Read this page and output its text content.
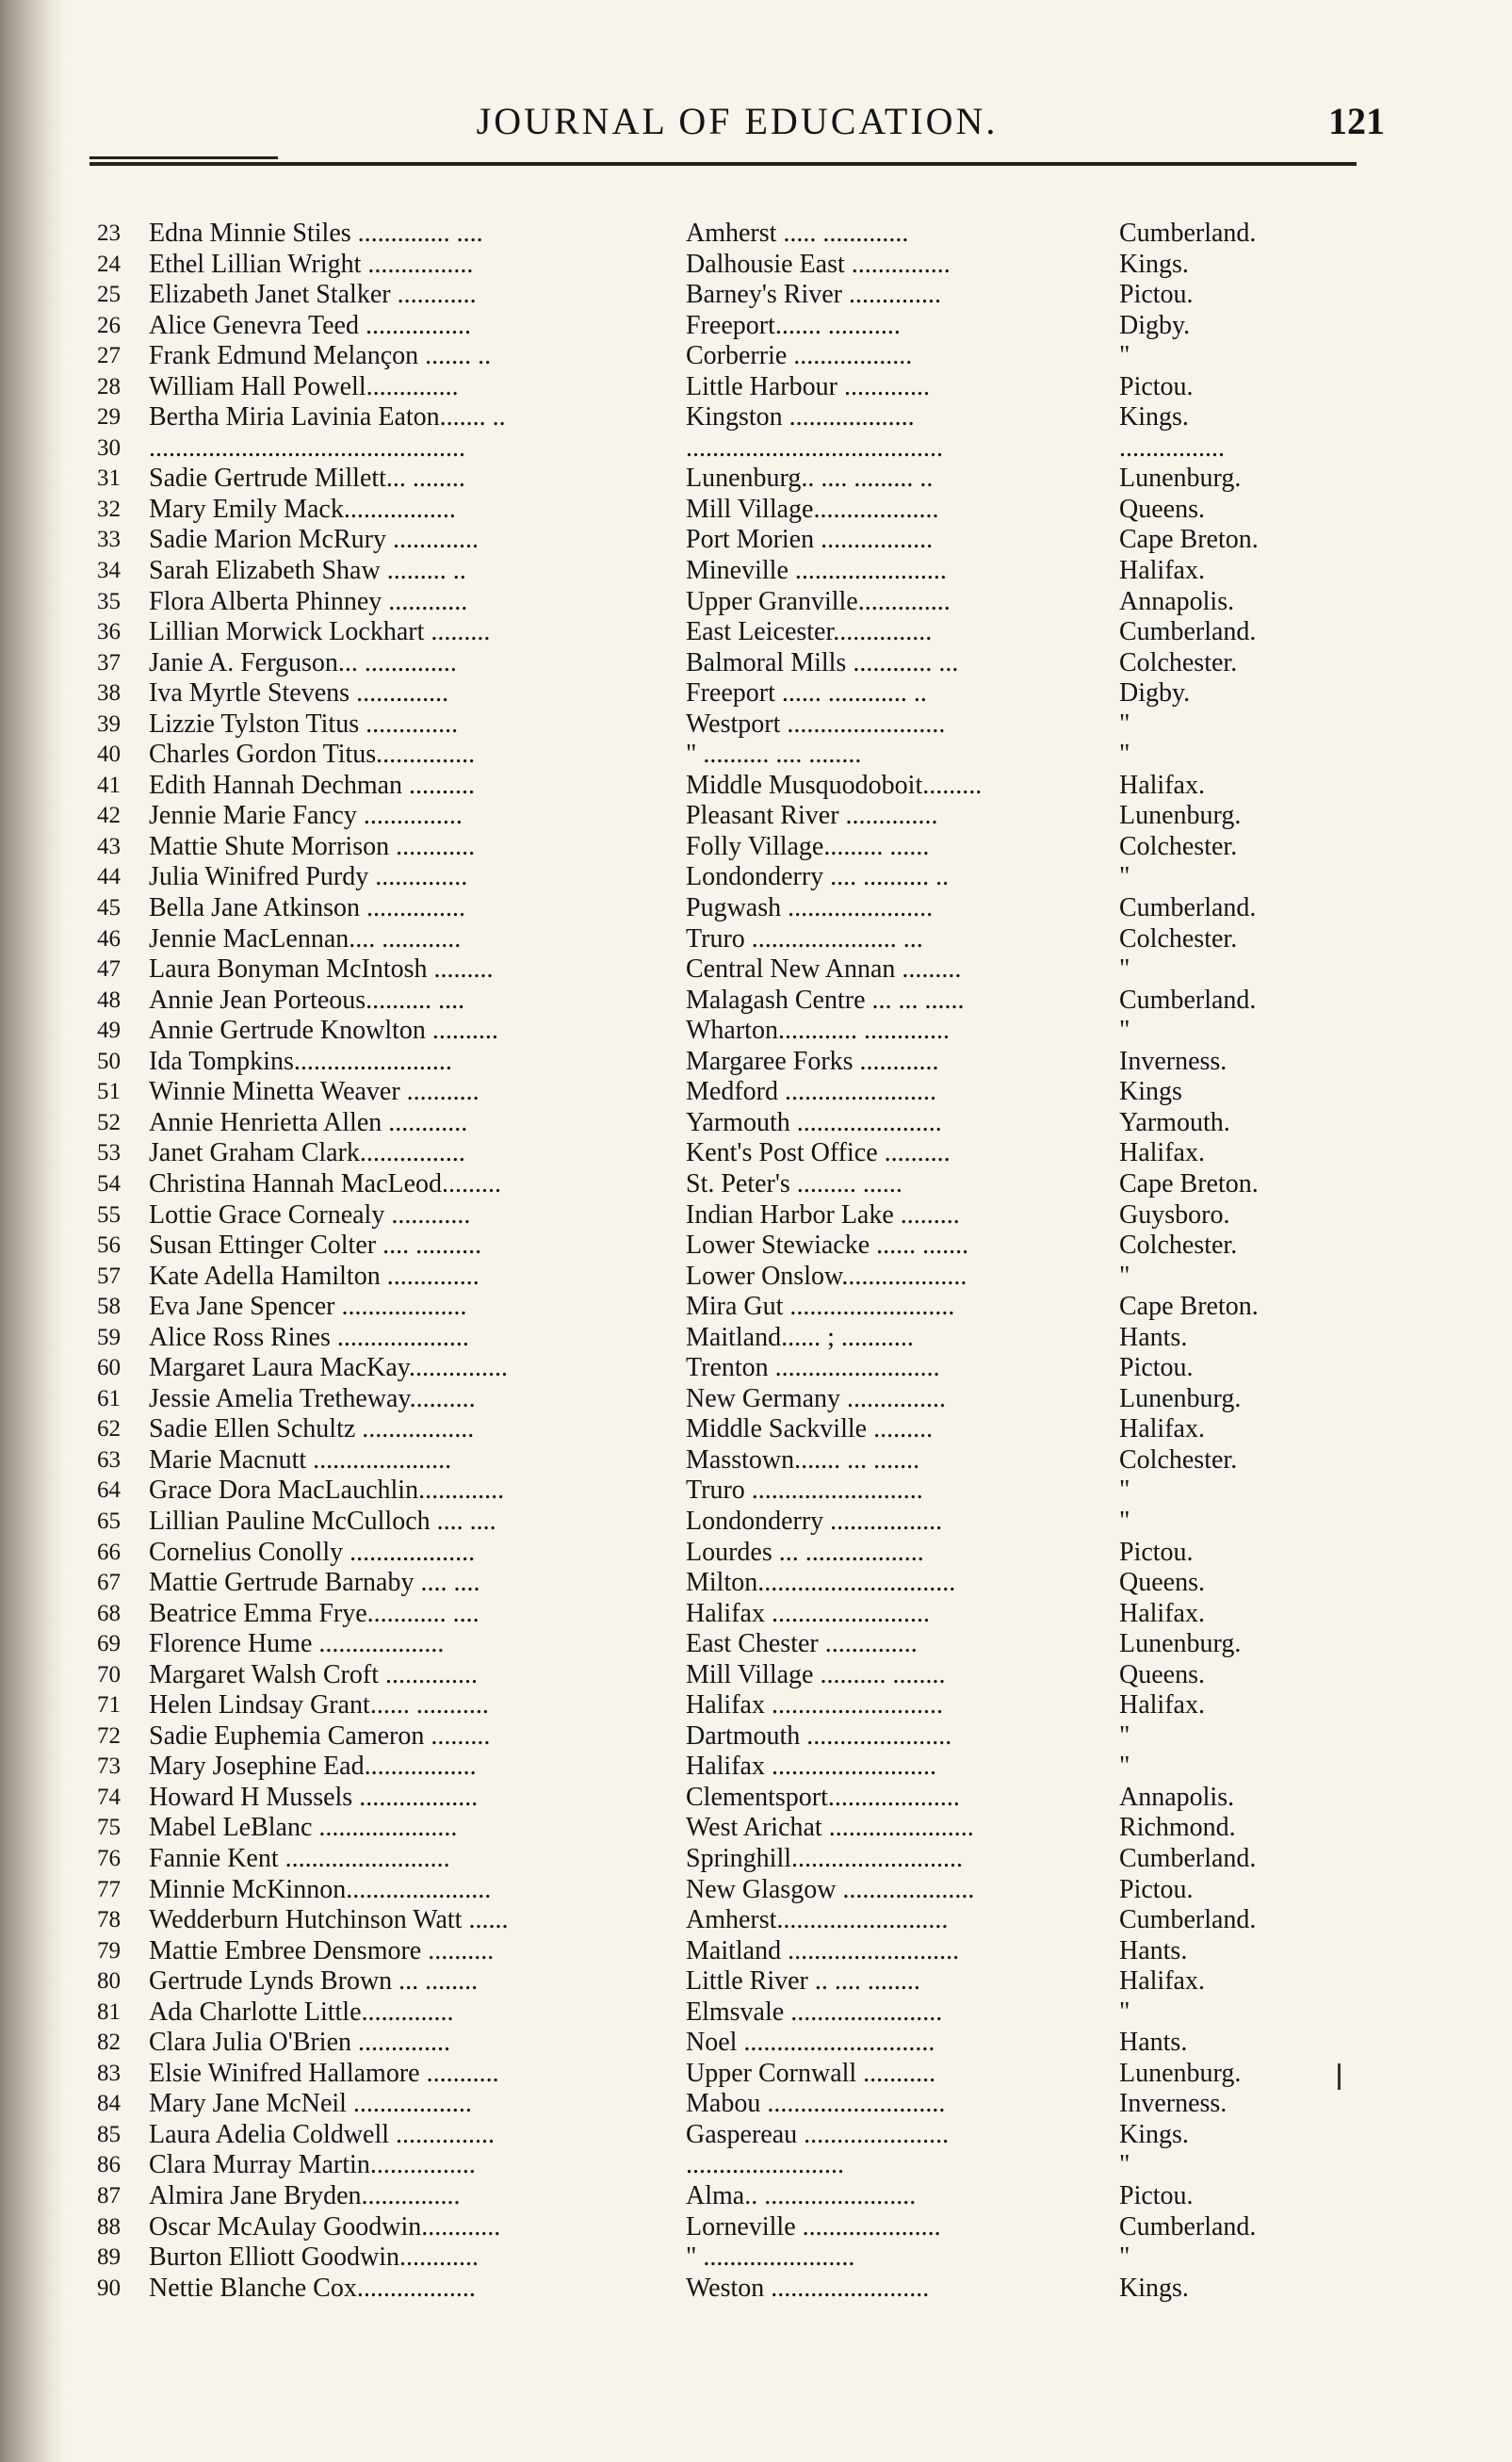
JOURNAL OF EDUCATION.	121
23 Edna Minnie Stiles .............. ....	Amherst ..... .............	Cumberland.
24 Ethel Lillian Wright ................	Dalhousie East ...............	Kings.
25 Elizabeth Janet Stalker ............	Barney's River ..............	Pictou.
26 Alice Genevra Teed ................	Freeport....... ...........	Digby.
27 Frank Edmund Melançon ....... ..	Corberrie ..................	"
28 William Hall Powell..............	Little Harbour .............	Pictou.
29 Bertha Miria Lavinia Eaton....... ..	Kingston ...................	Kings.
30 ................................................	.......................................	................
31 Sadie Gertrude Millett... ........	Lunenburg.. .... ......... ..	Lunenburg.
32 Mary Emily Mack.................	Mill Village...................	Queens.
33 Sadie Marion McRury .............	Port Morien .................	Cape Breton.
34 Sarah Elizabeth Shaw ......... ..	Mineville .......................	Halifax.
35 Flora Alberta Phinney ............	Upper Granville..............	Annapolis.
36 Lillian Morwick Lockhart .........	East Leicester...............	Cumberland.
37 Janie A. Ferguson... ..............	Balmoral Mills ............ ...	Colchester.
38 Iva Myrtle Stevens ..............	Freeport ...... ............ ..	Digby.
39 Lizzie Tylston Titus ..............	Westport ........................	"
40 Charles Gordon Titus...............	" .......... .... ........	"
41 Edith Hannah Dechman ..........	Middle Musquodoboit.........	Halifax.
42 Jennie Marie Fancy ...............	Pleasant River ..............	Lunenburg.
43 Mattie Shute Morrison ............	Folly Village......... ......	Colchester.
44 Julia Winifred Purdy ..............	Londonderry .... .......... ..	"
45 Bella Jane Atkinson ...............	Pugwash ......................	Cumberland.
46 Jennie MacLennan.... ............	Truro ...................... ...	Colchester.
47 Laura Bonyman McIntosh .........	Central New Annan .........	"
48 Annie Jean Porteous.......... ....	Malagash Centre ... ... ......	Cumberland.
49 Annie Gertrude Knowlton ..........	Wharton............ .............	"
50 Ida Tompkins........................	Margaree Forks ............	Inverness.
51 Winnie Minetta Weaver ...........	Medford .......................	Kings
52 Annie Henrietta Allen ............	Yarmouth ......................	Yarmouth.
53 Janet Graham Clark................	Kent's Post Office ..........	Halifax.
54 Christina Hannah MacLeod.........	St. Peter's ......... ......	Cape Breton.
55 Lottie Grace Cornealy ............	Indian Harbor Lake .........	Guysboro.
56 Susan Ettinger Colter .... ..........	Lower Stewiacke ...... .......	Colchester.
57 Kate Adella Hamilton ..............	Lower Onslow...................	"
58 Eva Jane Spencer ...................	Mira Gut .........................	Cape Breton.
59 Alice Ross Rines ....................	Maitland...... ; ...........	Hants.
60 Margaret Laura MacKay...............	Trenton .........................	Pictou.
61 Jessie Amelia Tretheway..........	New Germany ...............	Lunenburg.
62 Sadie Ellen Schultz .................	Middle Sackville .........	Halifax.
63 Marie Macnutt .....................	Masstown....... ... .......	Colchester.
64 Grace Dora MacLauchlin.............	Truro ..........................	"
65 Lillian Pauline McCulloch .... ....	Londonderry .................	"
66 Cornelius Conolly ...................	Lourdes ... ..................	Pictou.
67 Mattie Gertrude Barnaby .... ....	Milton..............................	Queens.
68 Beatrice Emma Frye............ ....	Halifax ........................	Halifax.
69 Florence Hume ...................	East Chester ..............	Lunenburg.
70 Margaret Walsh Croft ..............	Mill Village .......... ........	Queens.
71 Helen Lindsay Grant...... ...........	Halifax ..........................	Halifax.
72 Sadie Euphemia Cameron .........	Dartmouth ......................	"
73 Mary Josephine Ead.................	Halifax .........................	"
74 Howard H Mussels ..................	Clementsport....................	Annapolis.
75 Mabel LeBlanc .....................	West Arichat ......................	Richmond.
76 Fannie Kent .........................	Springhill..........................	Cumberland.
77 Minnie McKinnon......................	New Glasgow ....................	Pictou.
78 Wedderburn Hutchinson Watt ......	Amherst..........................	Cumberland.
79 Mattie Embree Densmore ..........	Maitland ..........................	Hants.
80 Gertrude Lynds Brown ... ........	Little River .. .... ........	Halifax.
81 Ada Charlotte Little..............	Elmsvale .......................	"
82 Clara Julia O'Brien ..............	Noel .............................	Hants.
83 Elsie Winifred Hallamore ...........	Upper Cornwall ...........	Lunenburg.
84 Mary Jane McNeil ..................	Mabou ...........................	Inverness.
85 Laura Adelia Coldwell ...............	Gaspereau ......................	Kings.
86 Clara Murray Martin................	........................	"
87 Almira Jane Bryden...............	Alma.. .......................	Pictou.
88 Oscar McAulay Goodwin............	Lorneville .....................	Cumberland.
89 Burton Elliott Goodwin............	" .......................	"
90 Nettie Blanche Cox..................	Weston ........................	Kings.
